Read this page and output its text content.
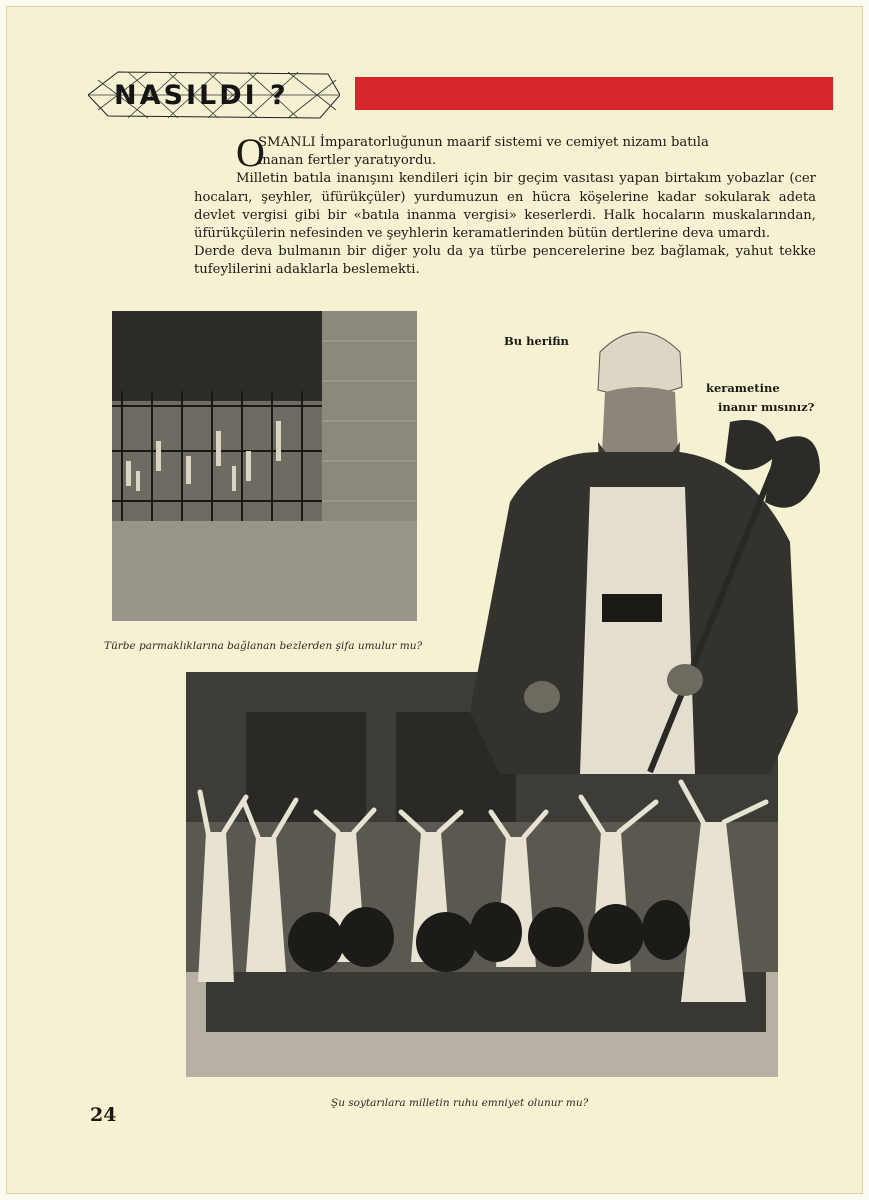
NASILDI ?
O

SMANLI İmparatorluğunun maarif sistemi ve cemiyet nizamı batıla

inanan fertler yaratıyordu.

Milletin batıla inanışını kendileri için bir geçim vasıtası yapan birtakım yobazlar (cer hocaları, şeyhler, üfürükçüler) yurdumuzun en hücra köşelerine kadar sokularak adeta devlet vergisi gibi bir «batıla inanma vergisi» keserlerdi. Halk hocaların muskalarından, üfürükçülerin nefesinden ve şeyhlerin keramatlerinden bütün dertlerine deva umardı.

Derde deva bulmanın bir diğer yolu da ya türbe pencerelerine bez bağlamak, yahut tekke tufeylilerini adaklarla beslemekti.

Türbe parmaklıklarına bağlanan bezlerden şifa umulur mu?
Bu herifin
kerametine
inanır mısınız?
Şu soytarılara milletin ruhu emniyet olunur mu?
24
